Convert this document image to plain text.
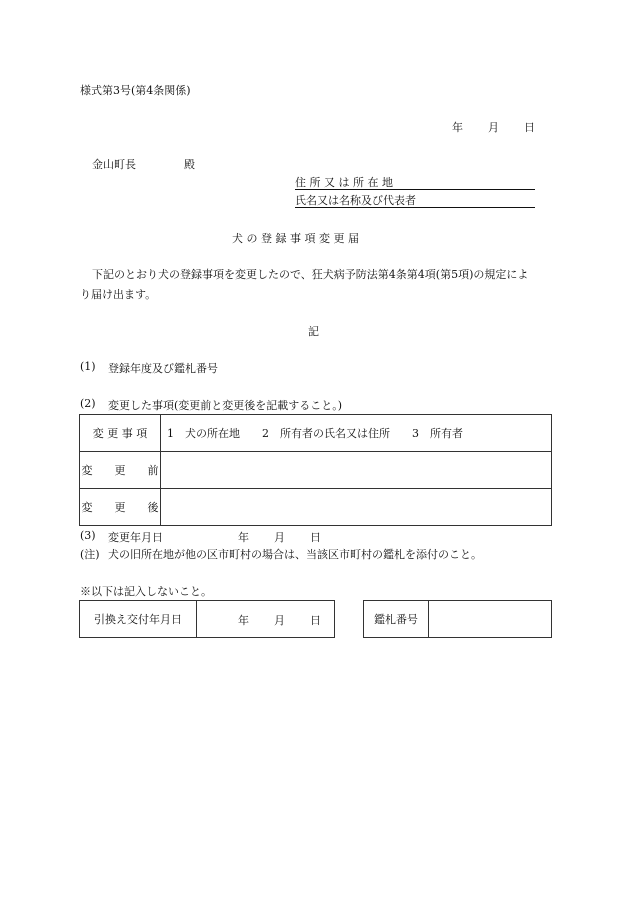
様式第3号(第4条関係)
年 月 日
金山町長	殿
住 所 又 は 所 在 地
氏名又は名称及び代表者
犬 の 登 録 事 項 変 更 届
下記のとおり犬の登録事項を変更したので、狂犬病予防法第4条第4項(第5項)の規定によ
り届け出ます。
記
(1) 登録年度及び鑑札番号
(2) 変更した事項(変更前と変更後を記載すること。)
変 更 事 項	1　犬の所在地　　2　所有者の氏名又は住所　　3　所有者
変　　更　　前	
変　　更　　後	
(3) 変更年月日	年 月 日
(注) 犬の旧所在地が他の区市町村の場合は、当該区市町村の鑑札を添付のこと。
※以下は記入しないこと。
引換え交付年月日	年 月 日	鑑札番号	
